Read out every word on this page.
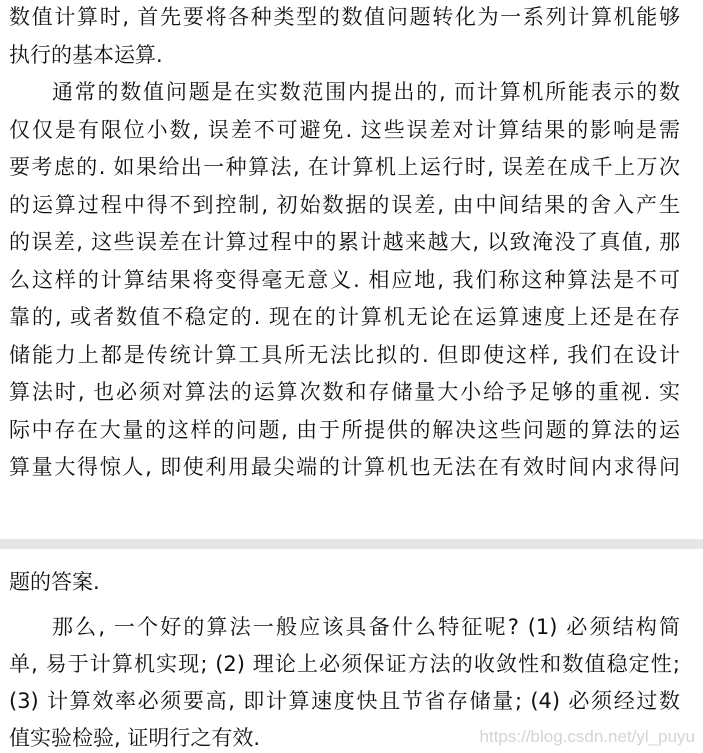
数值计算时, 首先要将各种类型的数值问题转化为一系列计算机能够
执行的基本运算.
通常的数值问题是在实数范围内提出的, 而计算机所能表示的数
仅仅是有限位小数, 误差不可避免. 这些误差对计算结果的影响是需
要考虑的. 如果给出一种算法, 在计算机上运行时, 误差在成千上万次
的运算过程中得不到控制, 初始数据的误差, 由中间结果的舍入产生
的误差, 这些误差在计算过程中的累计越来越大, 以致淹没了真值, 那
么这样的计算结果将变得毫无意义. 相应地, 我们称这种算法是不可
靠的, 或者数值不稳定的. 现在的计算机无论在运算速度上还是在存
储能力上都是传统计算工具所无法比拟的. 但即使这样, 我们在设计
算法时, 也必须对算法的运算次数和存储量大小给予足够的重视. 实
际中存在大量的这样的问题, 由于所提供的解决这些问题的算法的运
算量大得惊人, 即使利用最尖端的计算机也无法在有效时间内求得问
题的答案.
那么, 一个好的算法一般应该具备什么特征呢? (1) 必须结构简
单, 易于计算机实现; (2) 理论上必须保证方法的收敛性和数值稳定性;
(3) 计算效率必须要高, 即计算速度快且节省存储量; (4) 必须经过数
值实验检验, 证明行之有效.	https://blog.csdn.net/yl_puyu
